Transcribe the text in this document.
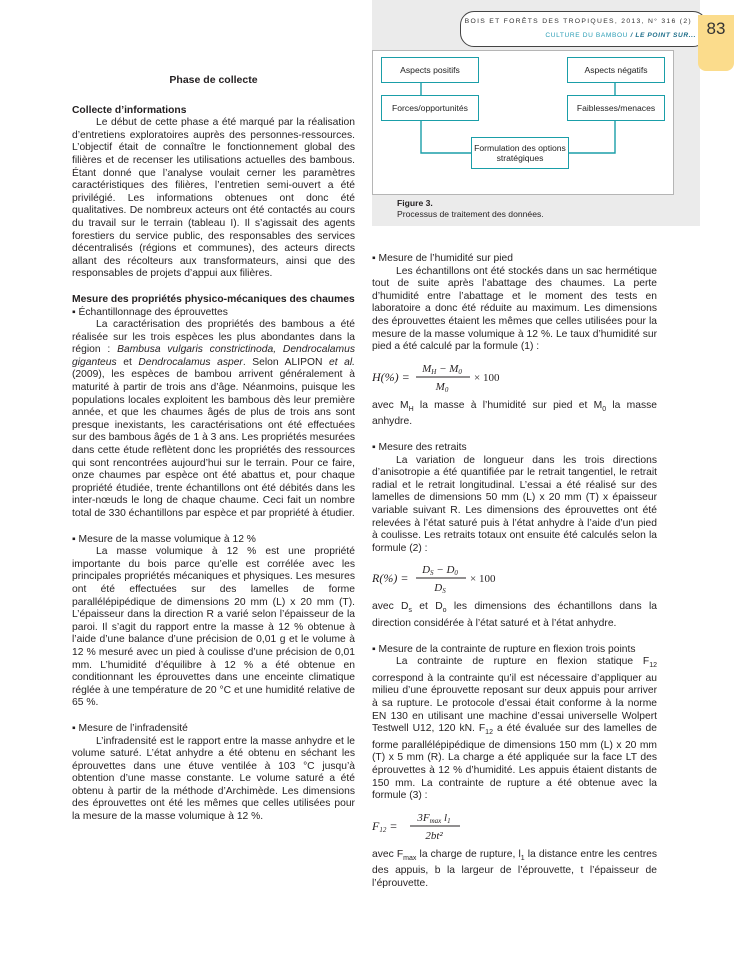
BOIS ET FORÊTS DES TROPIQUES, 2013, N° 316 (2)
CULTURE DU BAMBOU / LE POINT SUR... 83
Aspects positifs	Aspects négatifs
Forces/opportunités	Faiblesses/menaces
Formulation des options stratégiques
Figure 3.
Processus de traitement des données.
Phase de collecte
Collecte d’informations
Le début de cette phase a été marqué par la réalisation d’entretiens exploratoires auprès des personnes-ressources. L’objectif était de connaître le fonctionnement global des filières et de recenser les utilisations actuelles des bambous. Étant donné que l’analyse voulait cerner les paramètres caractéristiques des filières, l’entretien semi-ouvert a été privilégié. Les informations obtenues ont donc été qualitatives. De nombreux acteurs ont été contactés au cours du travail sur le terrain (tableau I). Il s’agissait des agents forestiers du service public, des responsables des services décentralisés (régions et communes), des acteurs directs allant des récolteurs aux transformateurs, ainsi que des responsables de projets d’appui aux filières.
Mesure des propriétés physico-mécaniques des chaumes
▪ Échantillonnage des éprouvettes
La caractérisation des propriétés des bambous a été réalisée sur les trois espèces les plus abondantes dans la région : Bambusa vulgaris constrictinoda, Dendrocalamus giganteus et Dendrocalamus asper. Selon ALIPON et al. (2009), les espèces de bambou arrivent généralement à maturité à partir de trois ans d’âge. Néanmoins, puisque les populations locales exploitent les bambous dès leur première année, et que les chaumes âgés de plus de trois ans sont presque inexistants, les caractérisations ont été effectuées sur des bambous âgés de 1 à 3 ans. Les propriétés mesurées dans cette étude reflètent donc les propriétés des ressources qui sont rencontrées aujourd’hui sur le terrain. Pour ce faire, onze chaumes par espèce ont été abattus et, pour chaque propriété étudiée, trente échantillons ont été débités dans les inter-nœuds le long de chaque chaume. Ceci fait un nombre total de 330 échantillons par espèce et par propriété à étudier.
▪ Mesure de la masse volumique à 12 %
La masse volumique à 12 % est une propriété importante du bois parce qu’elle est corrélée avec les principales propriétés mécaniques et physiques. Les mesures ont été effectuées sur des lamelles de forme parallélépipédique de dimensions 20 mm (L) x 20 mm (T). L’épaisseur dans la direction R a varié selon l’épaisseur de la paroi. Il s’agit du rapport entre la masse à 12 % obtenue à l’aide d’une balance d’une précision de 0,01 g et le volume à 12 % mesuré avec un pied à coulisse d’une précision de 0,01 mm. L’humidité d’équilibre à 12 % a été obtenue en conditionnant les éprouvettes dans une enceinte climatique réglée à une température de 20 °C et une humidité relative de 65 %.
▪ Mesure de l’infradensité
L’infradensité est le rapport entre la masse anhydre et le volume saturé. L’état anhydre a été obtenu en séchant les éprouvettes dans une étuve ventilée à 103 °C jusqu’à obtention d’une masse constante. Le volume saturé a été obtenu à partir de la méthode d’Archimède. Les dimensions des éprouvettes ont été les mêmes que celles utilisées pour la mesure de la masse volumique à 12 %.
▪ Mesure de l’humidité sur pied
Les échantillons ont été stockés dans un sac hermétique tout de suite après l’abattage des chaumes. La perte d’humidité entre l’abattage et le moment des tests en laboratoire a donc été réduite au maximum. Les dimensions des éprouvettes étaient les mêmes que celles utilisées pour la mesure de la masse volumique à 12 %. Le taux d’humidité sur pied a été calculé par la formule (1) :
H(%) =
MH − M0
M0
× 100
avec $M_H$ la masse à l’humidité sur pied et $M_0$ la masse anhydre.
▪ Mesure des retraits
La variation de longueur dans les trois directions d’anisotropie a été quantifiée par le retrait tangentiel, le retrait radial et le retrait longitudinal. L’essai a été réalisé sur des lamelles de dimensions 50 mm (L) x 20 mm (T) x épaisseur variable suivant R. Les dimensions des éprouvettes ont été relevées à l’état saturé puis à l’état anhydre à l’aide d’un pied à coulisse. Les retraits totaux ont ensuite été calculés selon la formule (2) :
R(%) =
DS − D0
DS
× 100
avec $D_s$ et $D_o$ les dimensions des échantillons dans la direction considérée à l’état saturé et à l’état anhydre.
▪ Mesure de la contrainte de rupture en flexion trois points
La contrainte de rupture en flexion statique $F_{12}$ correspond à la contrainte qu’il est nécessaire d’appliquer au milieu d’une éprouvette reposant sur deux appuis pour arriver à sa rupture. Le protocole d’essai était conforme à la norme EN 130 en utilisant une machine d’essai universelle Wolpert Testwell U12, 120 kN. $F_{12}$ a été évaluée sur des lamelles de forme parallélépipédique de dimensions 150 mm (L) x 20 mm (T) x 5 mm (R). La charge a été appliquée sur la face LT des éprouvettes à 12 % d’humidité. Les appuis étaient distants de 150 mm. La contrainte de rupture a été obtenue avec la formule (3) :
F12 =
3Fmax l1
2bt²
avec $F_{max}$ la charge de rupture, $l_1$ la distance entre les centres des appuis, b la largeur de l’éprouvette, t l’épaisseur de l’éprouvette.
